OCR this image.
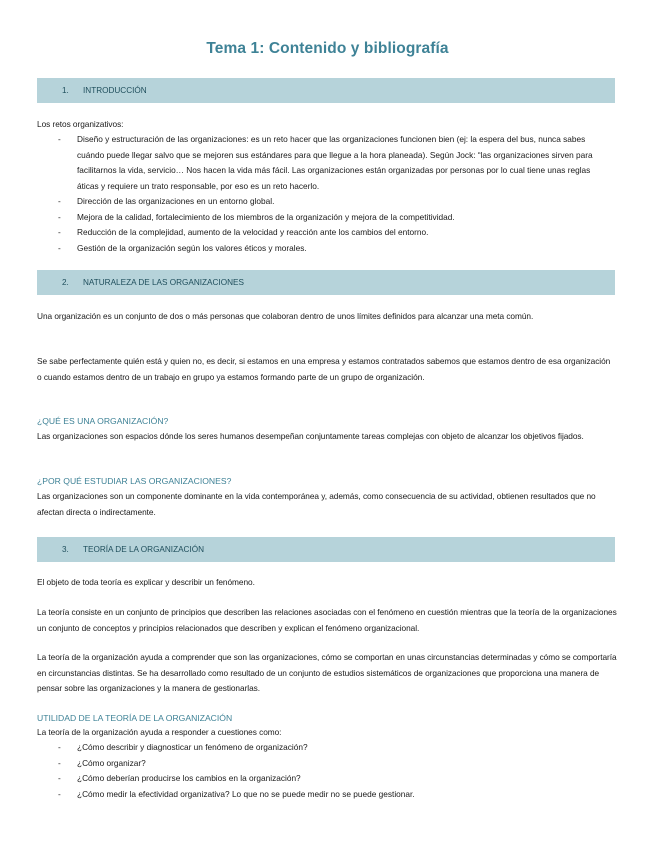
Tema 1: Contenido y bibliografía
1. INTRODUCCIÓN
Los retos organizativos:
- Diseño y estructuración de las organizaciones: es un reto hacer que las organizaciones funcionen bien (ej: la espera del bus, nunca sabes cuándo puede llegar salvo que se mejoren sus estándares para que llegue a la hora planeada). Según Jock: “las organizaciones sirven para facilitarnos la vida, servicio… Nos hacen la vida más fácil. Las organizaciones están organizadas por personas por lo cual tiene unas reglas áticas y requiere un trato responsable, por eso es un reto hacerlo.
- Dirección de las organizaciones en un entorno global.
- Mejora de la calidad, fortalecimiento de los miembros de la organización y mejora de la competitividad.
- Reducción de la complejidad, aumento de la velocidad y reacción ante los cambios del entorno.
- Gestión de la organización según los valores éticos y morales.
2. NATURALEZA DE LAS ORGANIZACIONES
Una organización es un conjunto de dos o más personas que colaboran dentro de unos límites definidos para alcanzar una meta común.
Se sabe perfectamente quién está y quien no, es decir, si estamos en una empresa y estamos contratados sabemos que estamos dentro de esa organización o cuando estamos dentro de un trabajo en grupo ya estamos formando parte de un grupo de organización.
¿QUÉ ES UNA ORGANIZACIÓN?
Las organizaciones son espacios dónde los seres humanos desempeñan conjuntamente tareas complejas con objeto de alcanzar los objetivos fijados.
¿POR QUÉ ESTUDIAR LAS ORGANIZACIONES?
Las organizaciones son un componente dominante en la vida contemporánea y, además, como consecuencia de su actividad, obtienen resultados que no afectan directa o indirectamente.
3. TEORÍA DE LA ORGANIZACIÓN
El objeto de toda teoría es explicar y describir un fenómeno.
La teoría consiste en un conjunto de principios que describen las relaciones asociadas con el fenómeno en cuestión mientras que la teoría de la organizaciones un conjunto de conceptos y principios relacionados que describen y explican el fenómeno organizacional.
La teoría de la organización ayuda a comprender que son las organizaciones, cómo se comportan en unas circunstancias determinadas y cómo se comportaría en circunstancias distintas. Se ha desarrollado como resultado de un conjunto de estudios sistemáticos de organizaciones que proporciona una manera de pensar sobre las organizaciones y la manera de gestionarlas.
UTILIDAD DE LA TEORÍA DE LA ORGANIZACIÓN
La teoría de la organización ayuda a responder a cuestiones como:
- ¿Cómo describir y diagnosticar un fenómeno de organización?
- ¿Cómo organizar?
- ¿Cómo deberían producirse los cambios en la organización?
- ¿Cómo medir la efectividad organizativa? Lo que no se puede medir no se puede gestionar.
